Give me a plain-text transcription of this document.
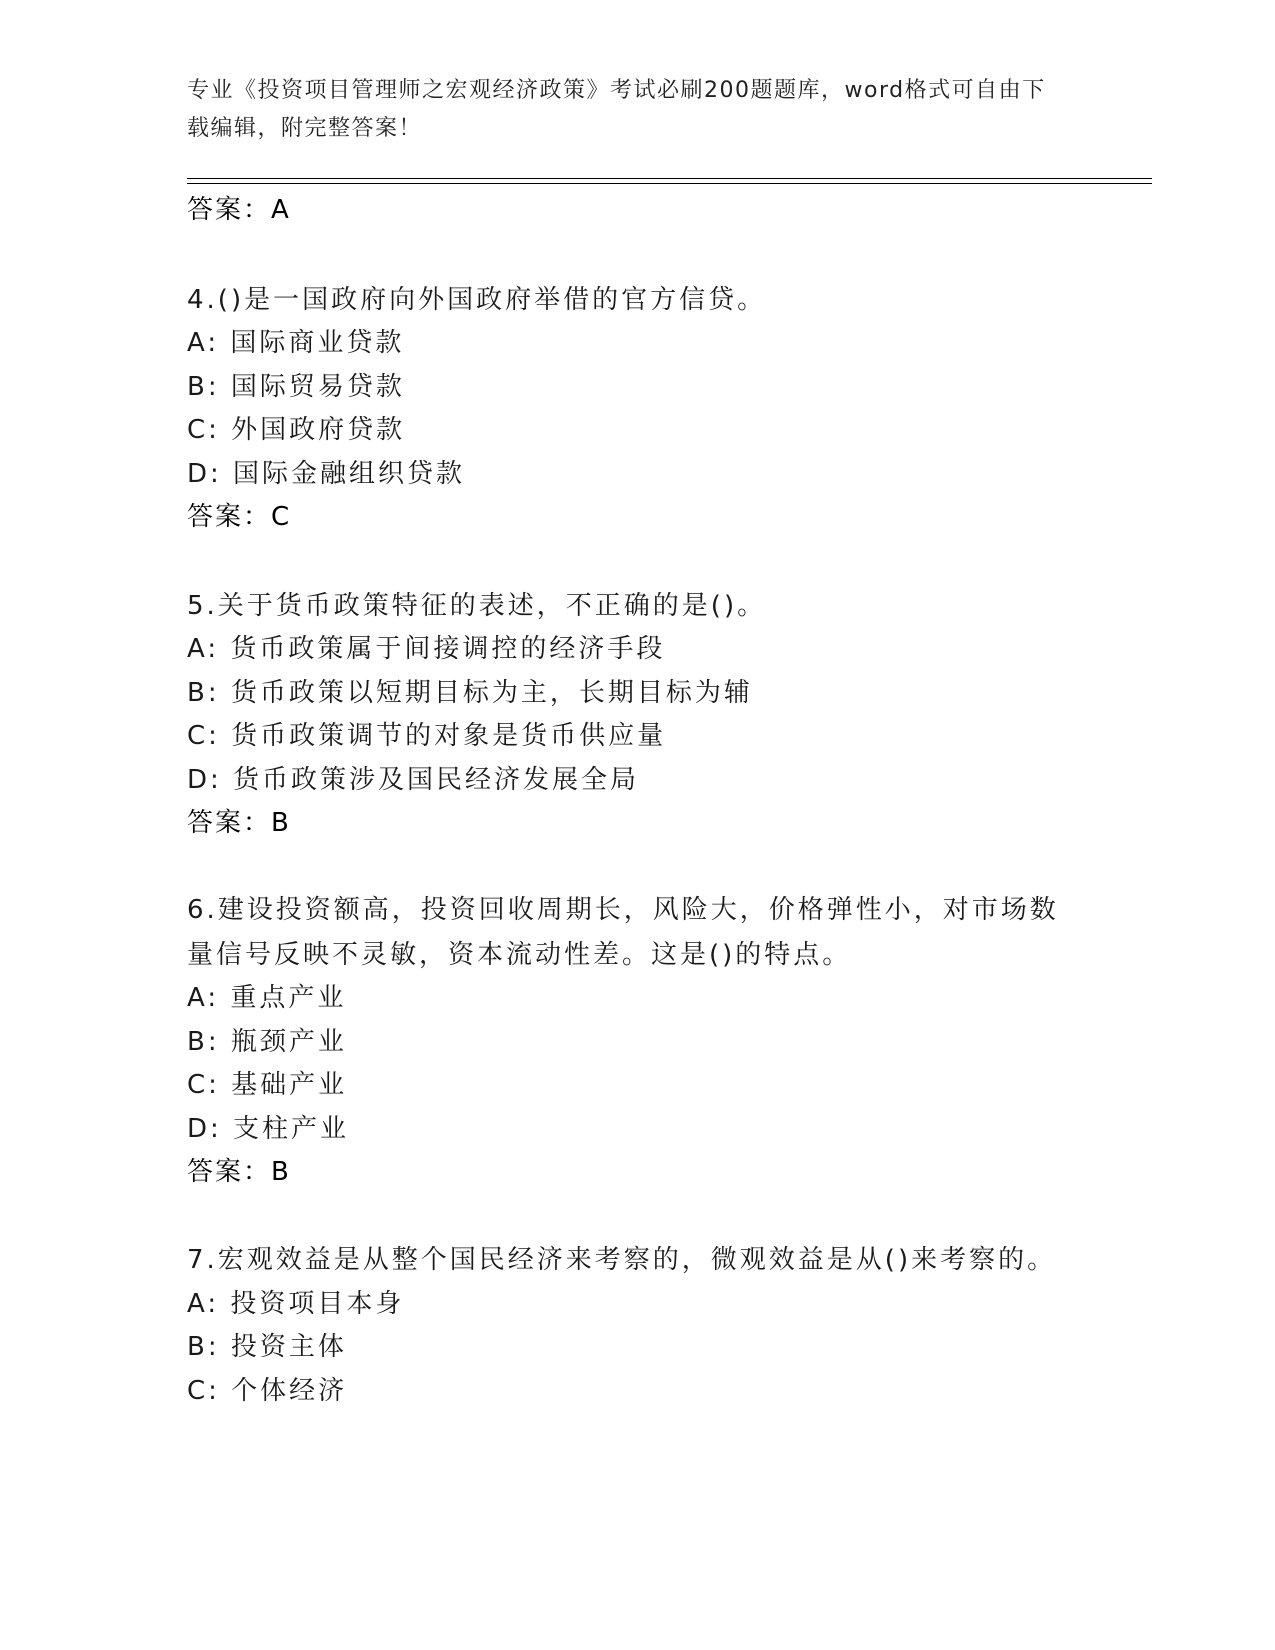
专业《投资项目管理师之宏观经济政策》考试必刷200题题库，word格式可自由下载编辑，附完整答案！
答案：A
4.()是一国政府向外国政府举借的官方信贷。
A: 国际商业贷款
B: 国际贸易贷款
C: 外国政府贷款
D: 国际金融组织贷款
答案：C
5.关于货币政策特征的表述，不正确的是()。
A: 货币政策属于间接调控的经济手段
B: 货币政策以短期目标为主，长期目标为辅
C: 货币政策调节的对象是货币供应量
D: 货币政策涉及国民经济发展全局
答案：B
6.建设投资额高，投资回收周期长，风险大，价格弹性小，对市场数量信号反映不灵敏，资本流动性差。这是()的特点。
A: 重点产业
B: 瓶颈产业
C: 基础产业
D: 支柱产业
答案：B
7.宏观效益是从整个国民经济来考察的，微观效益是从()来考察的。
A: 投资项目本身
B: 投资主体
C: 个体经济
